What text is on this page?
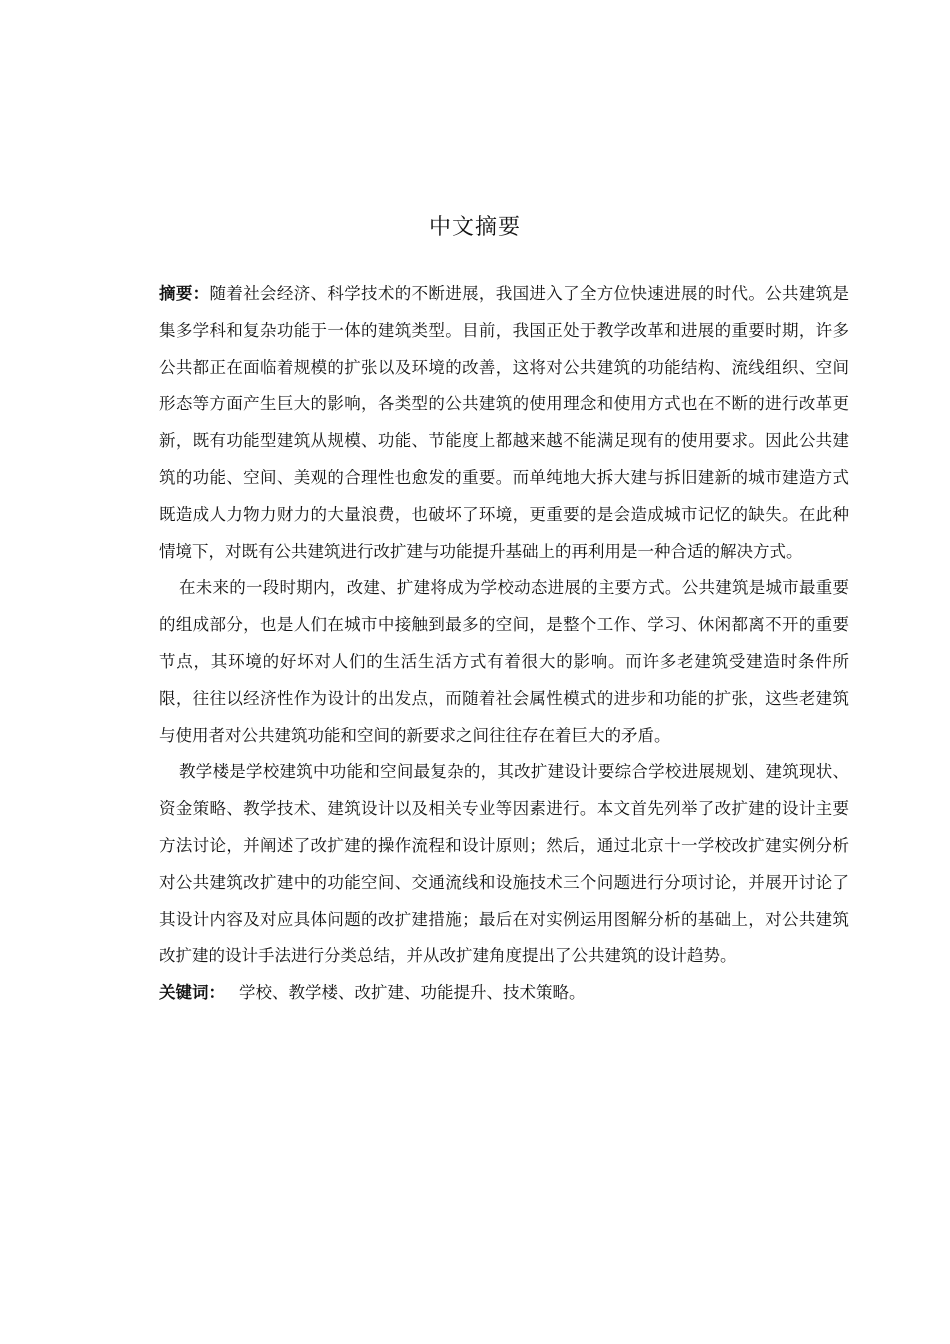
中文摘要

摘要：随着社会经济、科学技术的不断进展，我国进入了全方位快速进展的时代。公共建筑是集多学科和复杂功能于一体的建筑类型。目前，我国正处于教学改革和进展的重要时期，许多公共都正在面临着规模的扩张以及环境的改善，这将对公共建筑的功能结构、流线组织、空间形态等方面产生巨大的影响，各类型的公共建筑的使用理念和使用方式也在不断的进行改革更新，既有功能型建筑从规模、功能、节能度上都越来越不能满足现有的使用要求。因此公共建筑的功能、空间、美观的合理性也愈发的重要。而单纯地大拆大建与拆旧建新的城市建造方式既造成人力物力财力的大量浪费，也破坏了环境，更重要的是会造成城市记忆的缺失。在此种情境下，对既有公共建筑进行改扩建与功能提升基础上的再利用是一种合适的解决方式。

在未来的一段时期内，改建、扩建将成为学校动态进展的主要方式。公共建筑是城市最重要的组成部分，也是人们在城市中接触到最多的空间，是整个工作、学习、休闲都离不开的重要节点，其环境的好坏对人们的生活生活方式有着很大的影响。而许多老建筑受建造时条件所限，往往以经济性作为设计的出发点，而随着社会属性模式的进步和功能的扩张，这些老建筑与使用者对公共建筑功能和空间的新要求之间往往存在着巨大的矛盾。

教学楼是学校建筑中功能和空间最复杂的，其改扩建设计要综合学校进展规划、建筑现状、资金策略、教学技术、建筑设计以及相关专业等因素进行。本文首先列举了改扩建的设计主要方法讨论，并阐述了改扩建的操作流程和设计原则；然后，通过北京十一学校改扩建实例分析对公共建筑改扩建中的功能空间、交通流线和设施技术三个问题进行分项讨论，并展开讨论了其设计内容及对应具体问题的改扩建措施；最后在对实例运用图解分析的基础上，对公共建筑改扩建的设计手法进行分类总结，并从改扩建角度提出了公共建筑的设计趋势。

关键词： 学校、教学楼、改扩建、功能提升、技术策略。
